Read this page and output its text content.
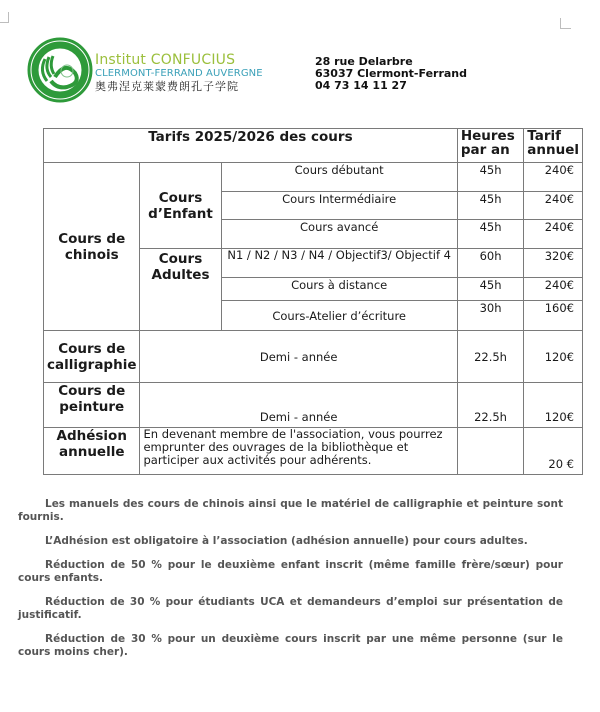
Institut CONFUCIUS
CLERMONT-FERRAND AUVERGNE
奥弗涅克莱蒙费朗孔子学院
28 rue Delarbre
63037 Clermont-Ferrand
04 73 14 11 27
Tarifs 2025/2026 des cours			Heures par an	Tarif annuel
Cours de chinois	Cours d’Enfant	Cours débutant	45h	240€
		Cours Intermédiaire	45h	240€
		Cours avancé	45h	240€
	Cours Adultes	N1 / N2 / N3 / N4 / Objectif3/ Objectif 4	60h	320€
		Cours à distance	45h	240€
		Cours-Atelier d’écriture	30h	160€
Cours de calligraphie	Demi - année		22.5h	120€
Cours de peinture	Demi - année		22.5h	120€
Adhésion annuelle	En devenant membre de l'association, vous pourrez emprunter des ouvrages de la bibliothèque et participer aux activités pour adhérents.			20 €

Les manuels des cours de chinois ainsi que le matériel de calligraphie et peinture sont fournis.

L’Adhésion est obligatoire à l’association (adhésion annuelle) pour cours adultes.

Réduction de 50 % pour le deuxième enfant inscrit (même famille frère/sœur) pour cours enfants.

Réduction de 30 % pour étudiants UCA et demandeurs d’emploi sur présentation de justificatif.

Réduction de 30 % pour un deuxième cours inscrit par une même personne (sur le cours moins cher).
